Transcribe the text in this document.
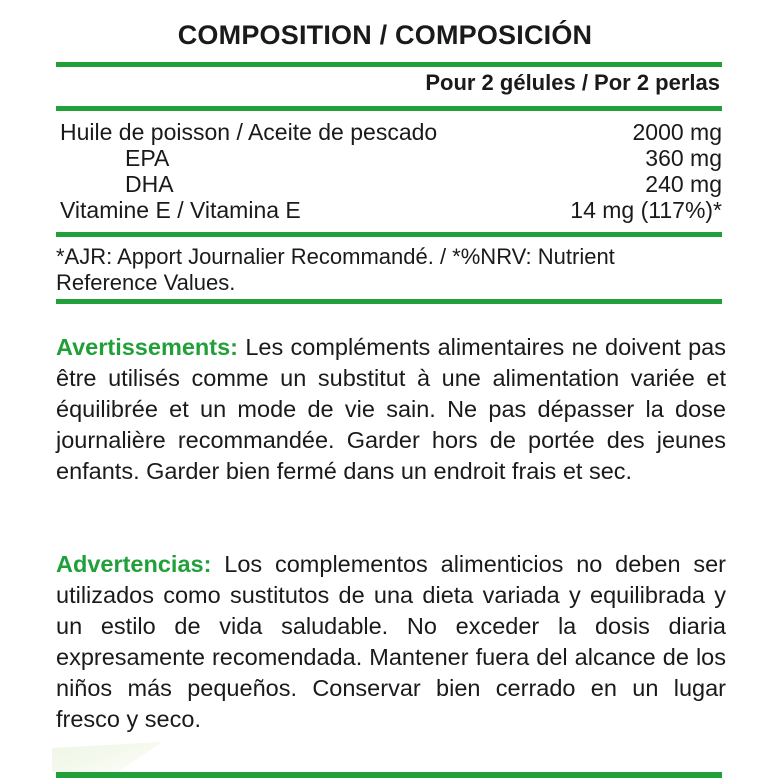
COMPOSITION / COMPOSICIÓN
Pour 2 gélules / Por 2 perlas
Huile de poisson / Aceite de pescado	2000 mg
EPA	360 mg
DHA	240 mg
Vitamine E / Vitamina E	14 mg (117%)*
*AJR: Apport Journalier Recommandé. / *%NRV: Nutrient Reference Values.
Avertissements: Les compléments alimentaires ne doivent pas être utilisés comme un substitut à une alimentation variée et équilibrée et un mode de vie sain. Ne pas dépasser la dose journalière recommandée. Garder hors de portée des jeunes enfants. Garder bien fermé dans un endroit frais et sec.
Advertencias: Los complementos alimenticios no deben ser utilizados como sustitutos de una dieta variada y equilibrada y un estilo de vida saludable. No exceder la dosis diaria expresamente recomendada. Mantener fuera del alcance de los niños más pequeños. Conservar bien cerrado en un lugar fresco y seco.
